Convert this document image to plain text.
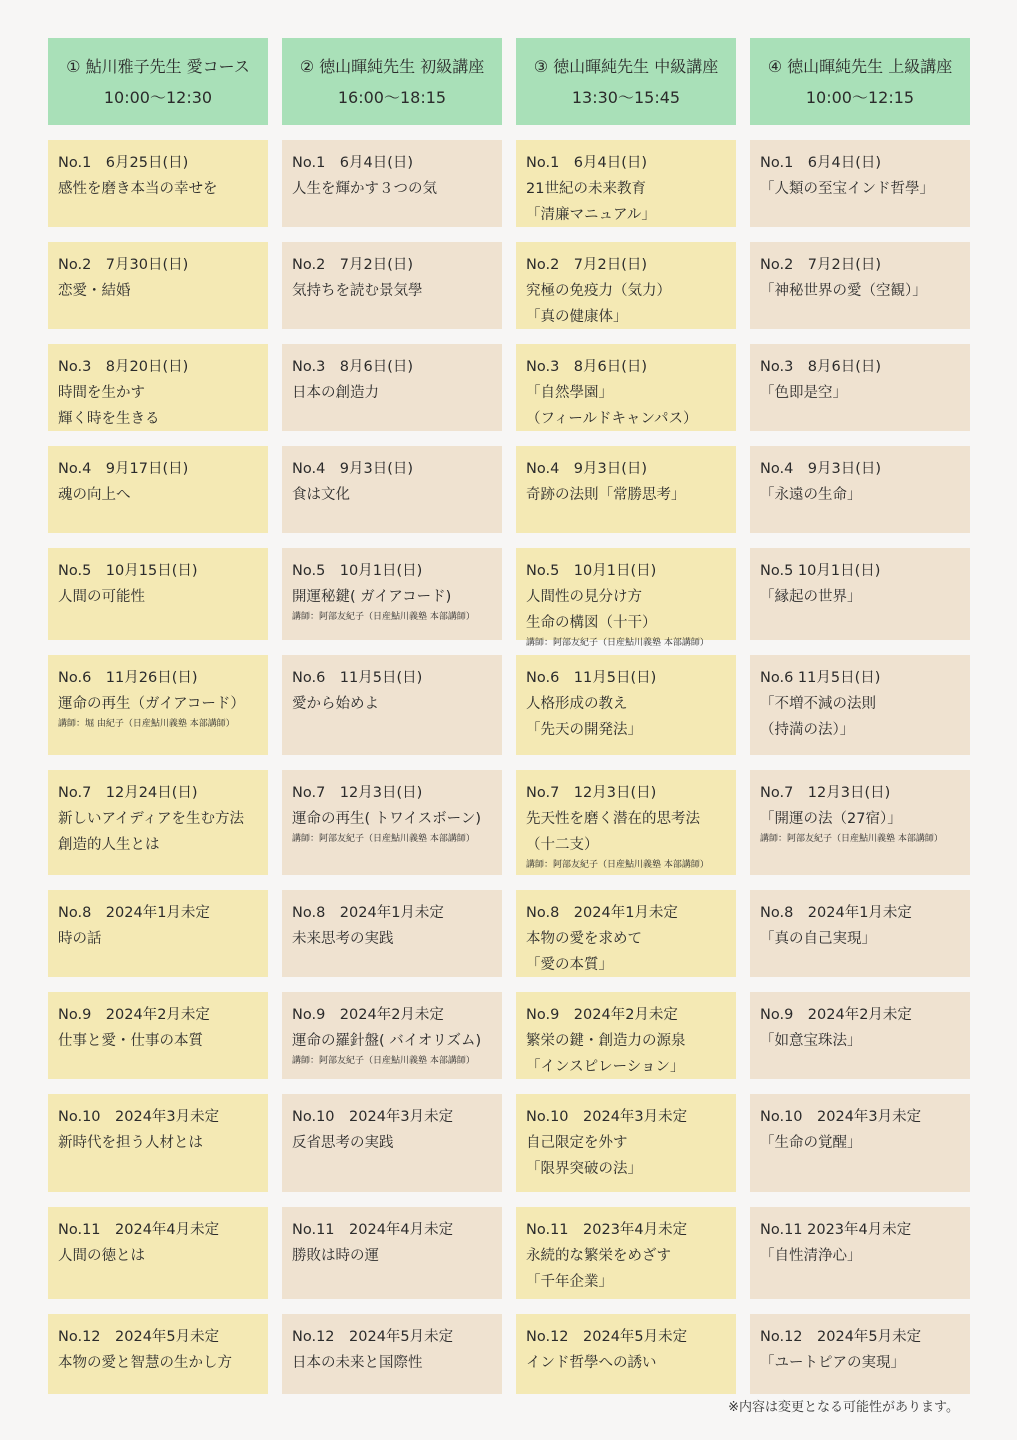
① 鮎川雅子先生 愛コース
10:00〜12:30
② 徳山暉純先生 初級講座
16:00〜18:15
③ 徳山暉純先生 中級講座
13:30〜15:45
④ 徳山暉純先生 上級講座
10:00〜12:15
No.1　6月25日(日)
感性を磨き本当の幸せを
No.1　6月4日(日)
人生を輝かす３つの気
No.1　6月4日(日)
21世紀の未来教育
「清廉マニュアル」
No.1　6月4日(日)
「人類の至宝インド哲學」
No.2　7月30日(日)
恋愛・結婚
No.2　7月2日(日)
気持ちを読む景気學
No.2　7月2日(日)
究極の免疫力（気力）
「真の健康体」
No.2　7月2日(日)
「神秘世界の愛（空観）」
No.3　8月20日(日)
時間を生かす
輝く時を生きる
No.3　8月6日(日)
日本の創造力
No.3　8月6日(日)
「自然學園」
（フィールドキャンパス）
No.3　8月6日(日)
「色即是空」
No.4　9月17日(日)
魂の向上へ
No.4　9月3日(日)
食は文化
No.4　9月3日(日)
奇跡の法則「常勝思考」
No.4　9月3日(日)
「永遠の生命」
No.5　10月15日(日)
人間の可能性
No.5　10月1日(日)
開運秘鍵( ガイアコード)
講師：阿部友紀子（日産鮎川義塾 本部講師）
No.5　10月1日(日)
人間性の見分け方
生命の構図（十干）
講師：阿部友紀子（日産鮎川義塾 本部講師）
No.5 10月1日(日)
「縁起の世界」
No.6　11月26日(日)
運命の再生（ガイアコード）
講師：堀 由紀子（日産鮎川義塾 本部講師）
No.6　11月5日(日)
愛から始めよ
No.6　11月5日(日)
人格形成の教え
「先天の開発法」
No.6 11月5日(日)
「不増不減の法則
（持満の法）」
No.7　12月24日(日)
新しいアイディアを生む方法
創造的人生とは
No.7　12月3日(日)
運命の再生( トワイスボーン)
講師：阿部友紀子（日産鮎川義塾 本部講師）
No.7　12月3日(日)
先天性を磨く潜在的思考法
（十二支）
講師：阿部友紀子（日産鮎川義塾 本部講師）
No.7　12月3日(日)
「開運の法（27宿）」
講師：阿部友紀子（日産鮎川義塾 本部講師）
No.8　2024年1月未定
時の話
No.8　2024年1月未定
未来思考の実践
No.8　2024年1月未定
本物の愛を求めて
「愛の本質」
No.8　2024年1月未定
「真の自己実現」
No.9　2024年2月未定
仕事と愛・仕事の本質
No.9　2024年2月未定
運命の羅針盤( バイオリズム)
講師：阿部友紀子（日産鮎川義塾 本部講師）
No.9　2024年2月未定
繁栄の鍵・創造力の源泉
「インスピレーション」
No.9　2024年2月未定
「如意宝珠法」
No.10　2024年3月未定
新時代を担う人材とは
No.10　2024年3月未定
反省思考の実践
No.10　2024年3月未定
自己限定を外す
「限界突破の法」
No.10　2024年3月未定
「生命の覚醒」
No.11　2024年4月未定
人間の徳とは
No.11　2024年4月未定
勝敗は時の運
No.11　2023年4月未定
永続的な繁栄をめざす
「千年企業」
No.11 2023年4月未定
「自性清浄心」
No.12　2024年5月未定
本物の愛と智慧の生かし方
No.12　2024年5月未定
日本の未来と国際性
No.12　2024年5月未定
インド哲學への誘い
No.12　2024年5月未定
「ユートピアの実現」
※内容は変更となる可能性があります。
